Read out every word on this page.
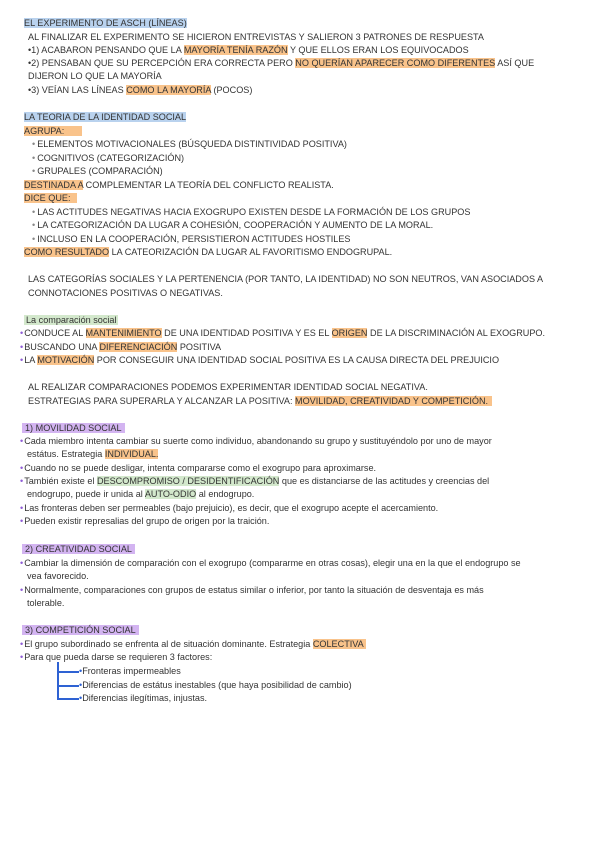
EL EXPERIMENTO DE ASCH (LÍNEAS)
AL FINALIZAR EL EXPERIMENTO SE HICIERON ENTREVISTAS Y SALIERON 3 PATRONES DE RESPUESTA
•1) ACABARON PENSANDO QUE LA MAYORÍA TENÍA RAZÓN Y QUE ELLOS ERAN LOS EQUIVOCADOS
•2) PENSABAN QUE SU PERCEPCIÓN ERA CORRECTA PERO NO QUERÍAN APARECER COMO DIFERENTES ASÍ QUE
DIJERON LO QUE LA MAYORÍA
•3) VEÍAN LAS LÍNEAS COMO LA MAYORÍA (POCOS)
LA TEORIA DE LA IDENTIDAD SOCIAL
AGRUPA:
• ELEMENTOS MOTIVACIONALES (BÚSQUEDA DISTINTIVIDAD POSITIVA)
• COGNITIVOS (CATEGORIZACIÓN)
• GRUPALES (COMPARACIÓN)
DESTINADA A COMPLEMENTAR LA TEORÍA DEL CONFLICTO REALISTA.
DICE QUE:
• LAS ACTITUDES NEGATIVAS HACIA EXOGRUPO EXISTEN DESDE LA FORMACIÓN DE LOS GRUPOS
• LA CATEGORIZACIÓN DA LUGAR A COHESIÓN, COOPERACIÓN Y AUMENTO DE LA MORAL.
• INCLUSO EN LA COOPERACIÓN, PERSISTIERON ACTITUDES HOSTILES
COMO RESULTADO LA CATEORIZACIÓN DA LUGAR AL FAVORITISMO ENDOGRUPAL.
LAS CATEGORÍAS SOCIALES Y LA PERTENENCIA (POR TANTO, LA IDENTIDAD) NO SON NEUTROS, VAN ASOCIADOS A
CONNOTACIONES POSITIVAS O NEGATIVAS.
La comparación social
•CONDUCE AL MANTENIMIENTO DE UNA IDENTIDAD POSITIVA Y ES EL ORIGEN DE LA DISCRIMINACIÓN AL EXOGRUPO.
•BUSCANDO UNA DIFERENCIACIÓN POSITIVA
•LA MOTIVACIÓN POR CONSEGUIR UNA IDENTIDAD SOCIAL POSITIVA ES LA CAUSA DIRECTA DEL PREJUICIO
AL REALIZAR COMPARACIONES PODEMOS EXPERIMENTAR IDENTIDAD SOCIAL NEGATIVA.
ESTRATEGIAS PARA SUPERARLA Y ALCANZAR LA POSITIVA: MOVILIDAD, CREATIVIDAD Y COMPETICIÓN.
1) MOVILIDAD SOCIAL
•Cada miembro intenta cambiar su suerte como individuo, abandonando su grupo y sustituyéndolo por uno de mayor
estátus. Estrategia INDIVIDUAL.
•Cuando no se puede desligar, intenta compararse como el exogrupo para aproximarse.
•También existe el DESCOMPROMISO / DESIDENTIFICACIÓN que es distanciarse de las actitudes y creencias del
endogrupo, puede ir unida al AUTO-ODIO al endogrupo.
•Las fronteras deben ser permeables (bajo prejuicio), es decir, que el exogrupo acepte el acercamiento.
•Pueden existir represalias del grupo de origen por la traición.
2) CREATIVIDAD SOCIAL
•Cambiar la dimensión de comparación con el exogrupo (compararme en otras cosas), elegir una en la que el endogrupo se
vea favorecido.
•Normalmente, comparaciones con grupos de estatus similar o inferior, por tanto la situación de desventaja es más
tolerable.
3) COMPETICIÓN SOCIAL
•El grupo subordinado se enfrenta al de situación dominante. Estrategia COLECTIVA
•Para que pueda darse se requieren 3 factores:
•Fronteras impermeables
•Diferencias de estátus inestables (que haya posibilidad de cambio)
•Diferencias ilegítimas, injustas.
